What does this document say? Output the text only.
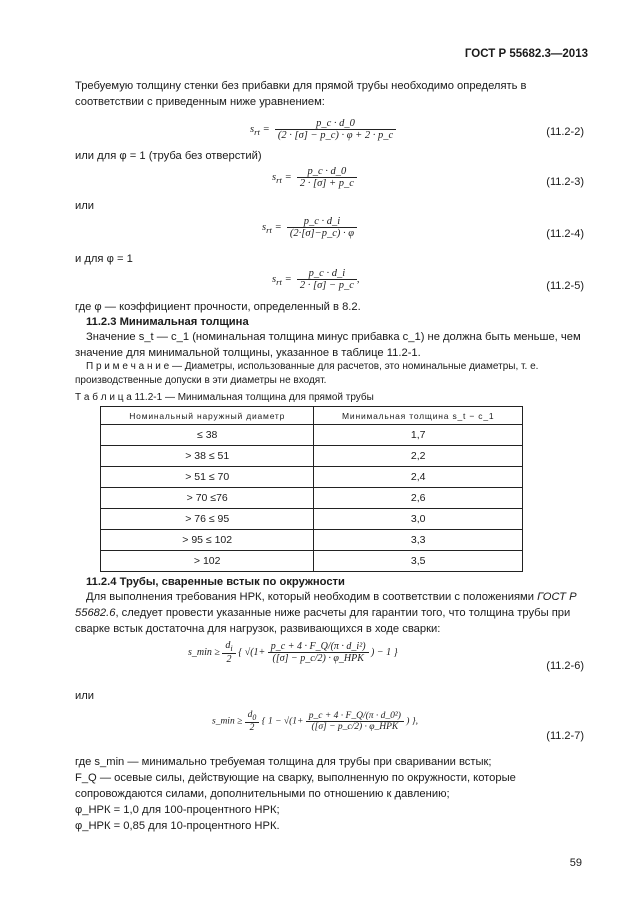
ГОСТ Р 55682.3—2013
Требуемую толщину стенки без прибавки для прямой трубы необходимо определять в соответствии с приведенным ниже уравнением:
$s_{rt} = \frac{p\_c \cdot d\_0}{(2 \cdot [\sigma] - p\_c) \cdot \varphi + 2 \cdot p\_c}$	(11.2-2)
или для φ = 1 (труба без отверстий)
$s_{rt} = \frac{p\_c \cdot d\_0}{2 \cdot [\sigma] + p\_c}$	(11.2-3)
или
$s_{rt} = \frac{p\_c \cdot d\_i}{(2\cdot[\sigma]-p\_c) \cdot \varphi}$	(11.2-4)
и для φ = 1
$s_{rt} = \frac{p\_c \cdot d\_i}{2 \cdot [\sigma] - p\_c}$ ,
(11.2-5)
где φ — коэффициент прочности, определенный в 8.2.
11.2.3 Минимальная толщина
Значение s_t — c_1 (номинальная толщина минус прибавка c_1) не должна быть меньше, чем значение для минимальной толщины, указанное в таблице 11.2-1.
П р и м е ч а н и е — Диаметры, использованные для расчетов, это номинальные диаметры, т. е. производственные допуски в эти диаметры не входят.
Т а б л и ц а 11.2-1 — Минимальная толщина для прямой трубы
Номинальный наружный диаметр	Минимальная толщина s_t − c_1
≤ 38	1,7
> 38 ≤ 51	2,2
> 51 ≤ 70	2,4
> 70 ≤76	2,6
> 76 ≤ 95	3,0
> 95 ≤ 102	3,3
> 102	3,5
11.2.4 Трубы, сваренные встык по окружности
Для выполнения требования НРК, который необходим в соответствии с положениями ГОСТ Р 55682.6, следует провести указанные ниже расчеты для гарантии того, что толщина трубы при сварке встык достаточна для нагрузок, развивающихся в ходе сварки:
s_min ≥ $\frac{d_i}{2}$ { $√(1+ \frac{\text{p\_c + 4 · F\_Q/(π · d\_i²)}}{\text{([σ] − p\_c/2) · φ\_НРК}}$ ) − 1 }
(11.2-6)
или
s_min ≥ $\frac{d_0}{2}$ { $1 - √(1+ \frac{\text{p\_c + 4 · F\_Q/(π · d\_0²)}}{\text{([σ] − p\_c/2) · φ\_НРК}}$ ) },
(11.2-7)
где s_min — минимально требуемая толщина для трубы при сваривании встык;
F_Q — осевые силы, действующие на сварку, выполненную по окружности, которые сопровождаются силами, дополнительными по отношению к давлению;
φ_НРК = 1,0 для 100-процентного НРК;
φ_НРК = 0,85 для 10-процентного НРК.
59
